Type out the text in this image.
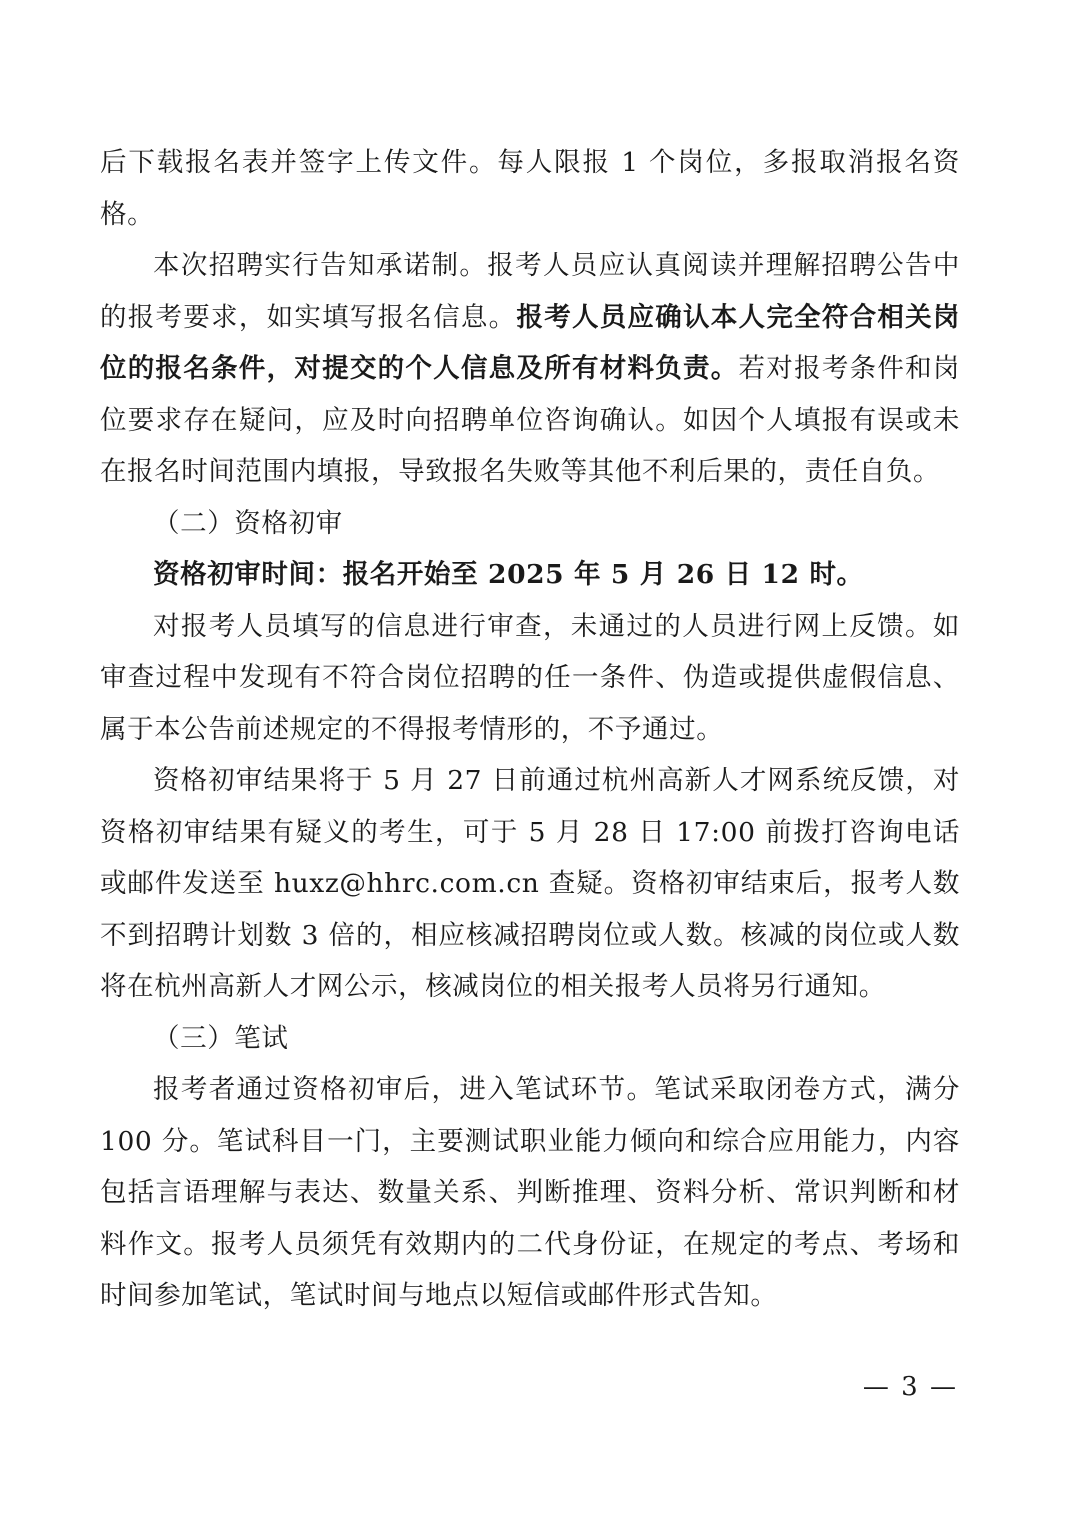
后下载报名表并签字上传文件。每人限报 1 个岗位，多报取消报名资格。

本次招聘实行告知承诺制。报考人员应认真阅读并理解招聘公告中的报考要求，如实填写报名信息。报考人员应确认本人完全符合相关岗位的报名条件，对提交的个人信息及所有材料负责。若对报考条件和岗位要求存在疑问，应及时向招聘单位咨询确认。如因个人填报有误或未在报名时间范围内填报，导致报名失败等其他不利后果的，责任自负。

（二）资格初审

资格初审时间：报名开始至 2025 年 5 月 26 日 12 时。

对报考人员填写的信息进行审查，未通过的人员进行网上反馈。如审查过程中发现有不符合岗位招聘的任一条件、伪造或提供虚假信息、属于本公告前述规定的不得报考情形的，不予通过。

资格初审结果将于 5 月 27 日前通过杭州高新人才网系统反馈，对资格初审结果有疑义的考生，可于 5 月 28 日 17:00 前拨打咨询电话或邮件发送至 huxz@hhrc.com.cn 查疑。资格初审结束后，报考人数不到招聘计划数 3 倍的，相应核减招聘岗位或人数。核减的岗位或人数将在杭州高新人才网公示，核减岗位的相关报考人员将另行通知。

（三）笔试

报考者通过资格初审后，进入笔试环节。笔试采取闭卷方式，满分 100 分。笔试科目一门，主要测试职业能力倾向和综合应用能力，内容包括言语理解与表达、数量关系、判断推理、资料分析、常识判断和材料作文。报考人员须凭有效期内的二代身份证，在规定的考点、考场和时间参加笔试，笔试时间与地点以短信或邮件形式告知。

— 3 —
